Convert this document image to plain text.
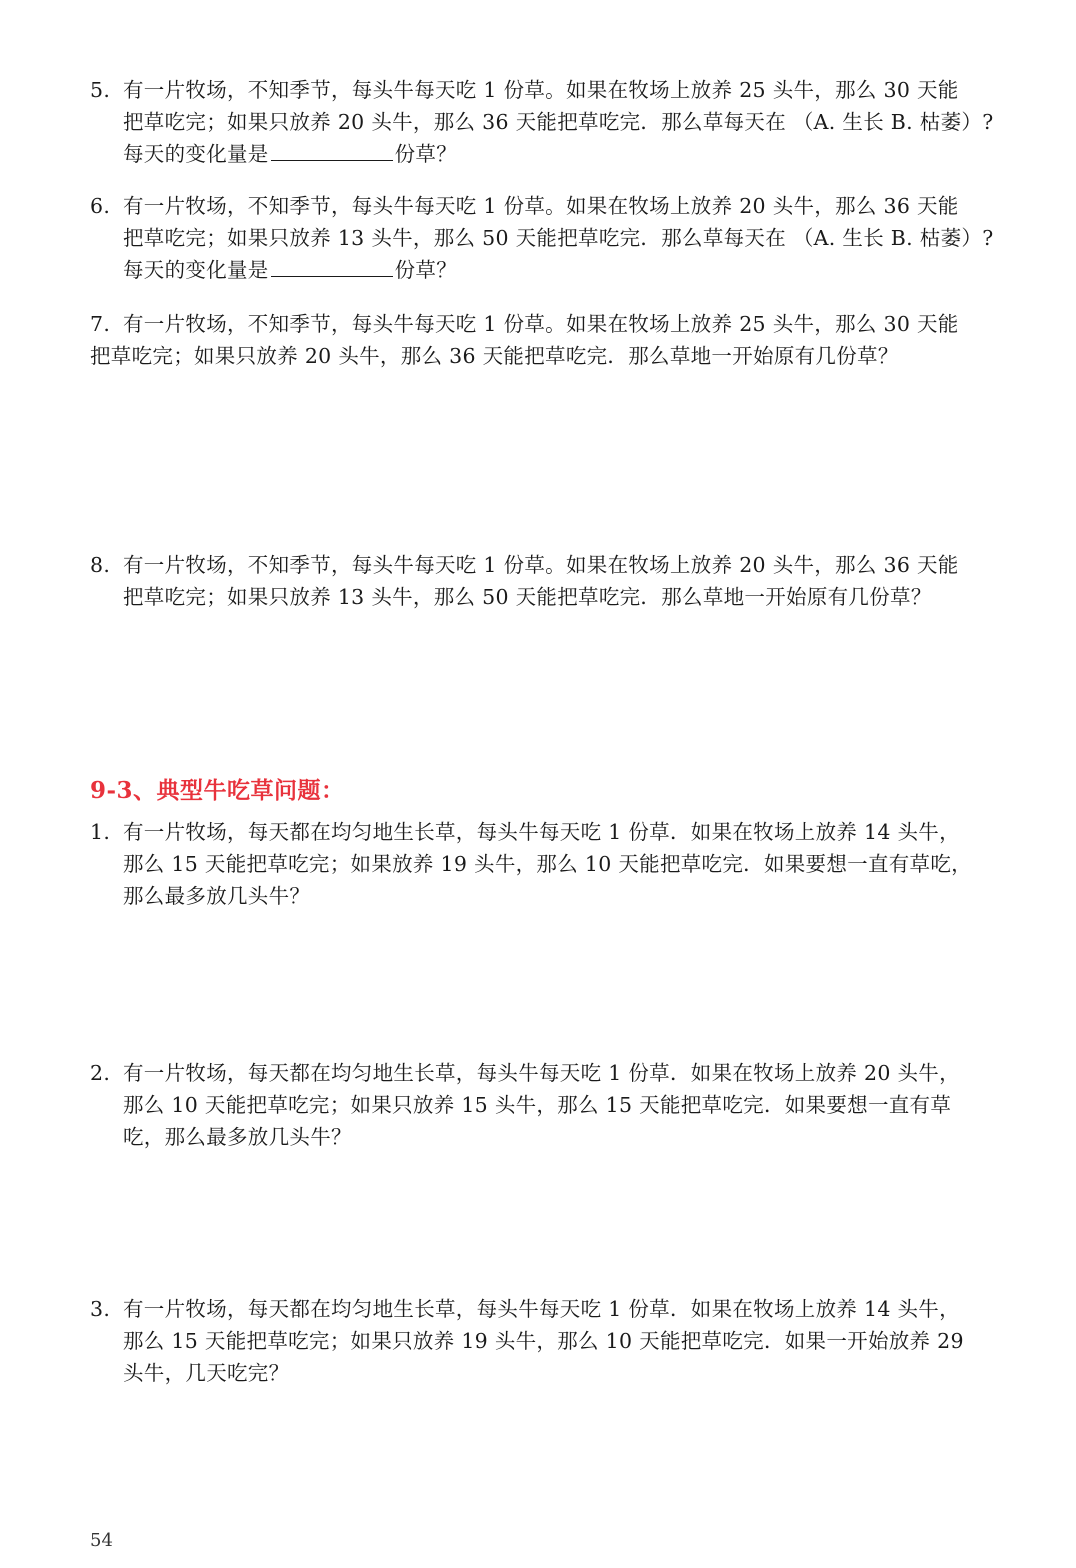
5. 有一片牧场，不知季节，每头牛每天吃 1 份草。如果在牧场上放养 25 头牛，那么 30 天能
把草吃完；如果只放养 20 头牛，那么 36 天能把草吃完．那么草每天在 （A. 生长 B. 枯萎）?
每天的变化量是	份草？
6. 有一片牧场，不知季节，每头牛每天吃 1 份草。如果在牧场上放养 20 头牛，那么 36 天能
把草吃完；如果只放养 13 头牛，那么 50 天能把草吃完．那么草每天在 （A. 生长 B. 枯萎）?
每天的变化量是	份草？
7. 有一片牧场，不知季节，每头牛每天吃 1 份草。如果在牧场上放养 25 头牛，那么 30 天能
把草吃完；如果只放养 20 头牛，那么 36 天能把草吃完．那么草地一开始原有几份草？
8. 有一片牧场，不知季节，每头牛每天吃 1 份草。如果在牧场上放养 20 头牛，那么 36 天能
把草吃完；如果只放养 13 头牛，那么 50 天能把草吃完．那么草地一开始原有几份草？
9-3、典型牛吃草问题：
1. 有一片牧场，每天都在均匀地生长草，每头牛每天吃 1 份草．如果在牧场上放养 14 头牛，
那么 15 天能把草吃完；如果放养 19 头牛，那么 10 天能把草吃完．如果要想一直有草吃，
那么最多放几头牛？
2. 有一片牧场，每天都在均匀地生长草，每头牛每天吃 1 份草．如果在牧场上放养 20 头牛，
那么 10 天能把草吃完；如果只放养 15 头牛，那么 15 天能把草吃完．如果要想一直有草
吃，那么最多放几头牛？
3. 有一片牧场，每天都在均匀地生长草，每头牛每天吃 1 份草．如果在牧场上放养 14 头牛，
那么 15 天能把草吃完；如果只放养 19 头牛，那么 10 天能把草吃完．如果一开始放养 29
头牛，几天吃完？
54
